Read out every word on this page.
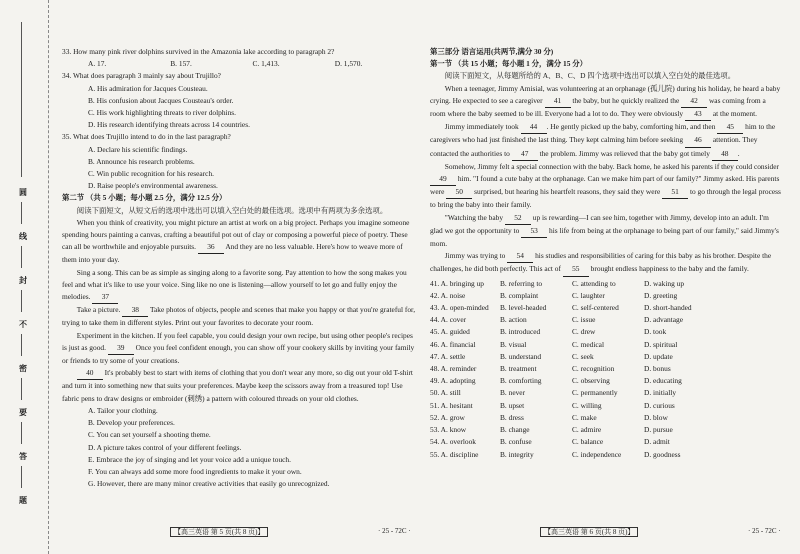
圆
线
封
不
密
要
答
题

33. How many pink river dolphins survived in the Amazonia lake according to paragraph 2?

A. 17.	B. 157.	C. 1,413.	D. 1,570.

34. What does paragraph 3 mainly say about Trujillo?

A. His admiration for Jacques Cousteau.

B. His confusion about Jacques Cousteau's order.

C. His work highlighting threats to river dolphins.

D. His research identifying threats across 14 countries.

35. What does Trujillo intend to do in the last paragraph?

A. Declare his scientific findings.

B. Announce his research problems.

C. Win public recognition for his research.

D. Raise people's environmental awareness.

第二节 （共 5 小题；每小题 2.5 分，满分 12.5 分）

阅读下面短文，从短文后的选项中选出可以填入空白处的最佳选项。选项中有两项为多余选项。

When you think of creativity, you might picture an artist at work on a big project. Perhaps you imagine someone spending hours painting a canvas, crafting a beautiful pot out of clay or composing a powerful piece of poetry. These can all be worthwhile and enjoyable pursuits. 36 And they are no less valuable. Here's how to weave more of them into your day.

Sing a song. This can be as simple as singing along to a favorite song. Pay attention to how the song makes you feel and what it's like to use your voice. Sing like no one is listening—allow yourself to let go and fully enjoy the melodies. 37

Take a picture. 38 Take photos of objects, people and scenes that make you happy or that you're grateful for, trying to take them in different styles. Print out your favorites to decorate your room.

Experiment in the kitchen. If you feel capable, you could design your own recipe, but using other people's recipes is just as good. 39 Once you feel confident enough, you can show off your cookery skills by inviting your family or friends to try some of your creations.

40 It's probably best to start with items of clothing that you don't wear any more, so dig out your old T-shirt and turn it into something new that suits your preferences. Maybe keep the scissors away from a treasured top! Use fabric pens to draw designs or embroider (刺绣) a pattern with coloured threads on your old clothes.

A. Tailor your clothing.

B. Develop your preferences.

C. You can set yourself a shooting theme.

D. A picture takes control of your different feelings.

E. Embrace the joy of singing and let your voice add a unique touch.

F. You can always add some more food ingredients to make it your own.

G. However, there are many minor creative activities that easily go unrecognized.

【高三英语 第 5 页(共 8 页)】	· 25 - 72C ·

第三部分 语言运用(共两节,满分 30 分)

第一节 （共 15 小题；每小题 1 分，满分 15 分）

阅读下面短文，从每题所给的 A、B、C、D 四个选项中选出可以填入空白处的最佳选项。

When a teenager, Jimmy Amisial, was volunteering at an orphanage (孤儿院) during his holiday, he heard a baby crying. He expected to see a caregiver 41 the baby, but he quickly realized the 42 was coming from a room where the baby seemed to be ill. Everyone had a lot to do. They were obviously 43 at the moment.

Jimmy immediately took 44 . He gently picked up the baby, comforting him, and then 45 him to the caregivers who had just finished the last thing. They kept calming him before seeking 46 attention. They contacted the authorities to 47 the problem. Jimmy was relieved that the baby got timely 48 .

Somehow, Jimmy felt a special connection with the baby. Back home, he asked his parents if they could consider 49 him. "I found a cute baby at the orphanage. Can we make him part of our family?" Jimmy asked. His parents were 50 surprised, but hearing his heartfelt reasons, they said they were 51 to go through the legal process to bring the baby into their family.

"Watching the baby 52 up is rewarding—I can see him, together with Jimmy, develop into an adult. I'm glad we got the opportunity to 53 his life from being at the orphanage to being part of our family," said Jimmy's mom.

Jimmy was trying to 54 his studies and responsibilities of caring for this baby as his brother. Despite the challenges, he did both perfectly. This act of 55 brought endless happiness to the baby and the family.

41. A. bringing up	B. referring to	C. attending to	D. waking up
42. A. noise	B. complaint	C. laughter	D. greeting
43. A. open-minded	B. level-headed	C. self-centered	D. short-handed
44. A. cover	B. action	C. issue	D. advantage
45. A. guided	B. introduced	C. drew	D. took
46. A. financial	B. visual	C. medical	D. spiritual
47. A. settle	B. understand	C. seek	D. update
48. A. reminder	B. treatment	C. recognition	D. bonus
49. A. adopting	B. comforting	C. observing	D. educating
50. A. still	B. never	C. permanently	D. initially
51. A. hesitant	B. upset	C. willing	D. curious
52. A. grow	B. dress	C. make	D. blow
53. A. know	B. change	C. admire	D. pursue
54. A. overlook	B. confuse	C. balance	D. admit
55. A. discipline	B. integrity	C. independence	D. goodness
【高三英语 第 6 页(共 8 页)】	· 25 - 72C ·
